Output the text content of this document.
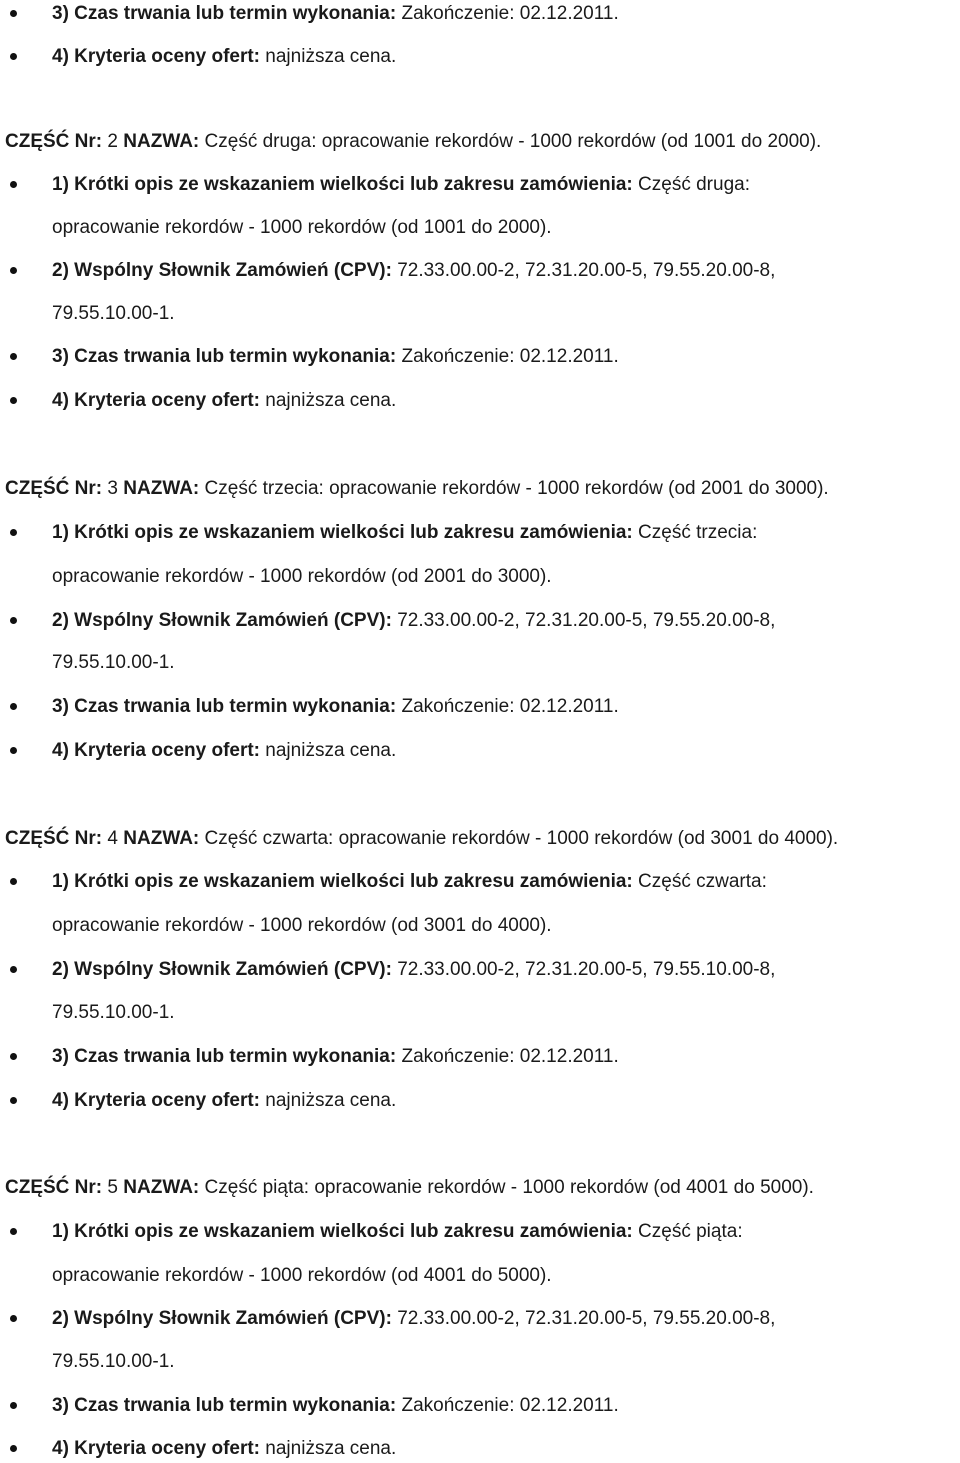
3) Czas trwania lub termin wykonania: Zakończenie: 02.12.2011.
4) Kryteria oceny ofert: najniższa cena.
CZĘŚĆ Nr: 2 NAZWA: Część druga: opracowanie rekordów - 1000 rekordów (od 1001 do 2000).
1) Krótki opis ze wskazaniem wielkości lub zakresu zamówienia: Część druga:
opracowanie rekordów - 1000 rekordów (od 1001 do 2000).
2) Wspólny Słownik Zamówień (CPV): 72.33.00.00-2, 72.31.20.00-5, 79.55.20.00-8,
79.55.10.00-1.
3) Czas trwania lub termin wykonania: Zakończenie: 02.12.2011.
4) Kryteria oceny ofert: najniższa cena.
CZĘŚĆ Nr: 3 NAZWA: Część trzecia: opracowanie rekordów - 1000 rekordów (od 2001 do 3000).
1) Krótki opis ze wskazaniem wielkości lub zakresu zamówienia: Część trzecia:
opracowanie rekordów - 1000 rekordów (od 2001 do 3000).
2) Wspólny Słownik Zamówień (CPV): 72.33.00.00-2, 72.31.20.00-5, 79.55.20.00-8,
79.55.10.00-1.
3) Czas trwania lub termin wykonania: Zakończenie: 02.12.2011.
4) Kryteria oceny ofert: najniższa cena.
CZĘŚĆ Nr: 4 NAZWA: Część czwarta: opracowanie rekordów - 1000 rekordów (od 3001 do 4000).
1) Krótki opis ze wskazaniem wielkości lub zakresu zamówienia: Część czwarta:
opracowanie rekordów - 1000 rekordów (od 3001 do 4000).
2) Wspólny Słownik Zamówień (CPV): 72.33.00.00-2, 72.31.20.00-5, 79.55.10.00-8,
79.55.10.00-1.
3) Czas trwania lub termin wykonania: Zakończenie: 02.12.2011.
4) Kryteria oceny ofert: najniższa cena.
CZĘŚĆ Nr: 5 NAZWA: Część piąta: opracowanie rekordów - 1000 rekordów (od 4001 do 5000).
1) Krótki opis ze wskazaniem wielkości lub zakresu zamówienia: Część piąta:
opracowanie rekordów - 1000 rekordów (od 4001 do 5000).
2) Wspólny Słownik Zamówień (CPV): 72.33.00.00-2, 72.31.20.00-5, 79.55.20.00-8,
79.55.10.00-1.
3) Czas trwania lub termin wykonania: Zakończenie: 02.12.2011.
4) Kryteria oceny ofert: najniższa cena.
